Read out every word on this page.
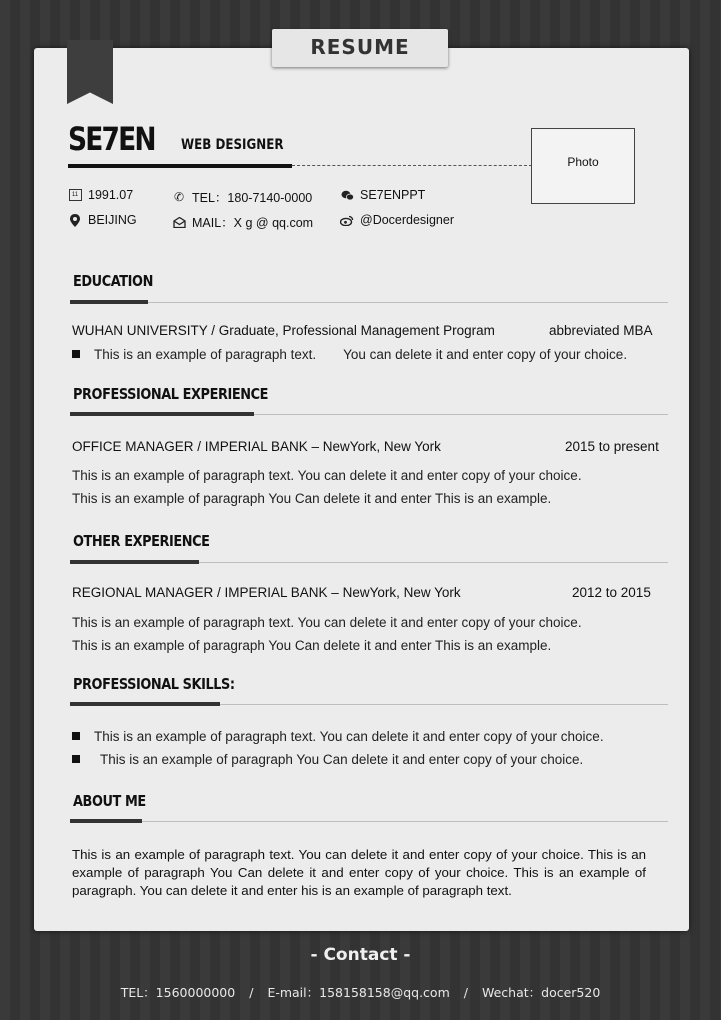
RESUME
SE7EN WEB DESIGNER
Photo
11 1991.07	✆ TEL：180-7140-0000	SE7ENPPT
BEIJING	MAIL：X g @ qq.com	@Docerdesigner
EDUCATION
WUHAN UNIVERSITY / Graduate, Professional Management Program	abbreviated MBA
This is an example of paragraph text. You can delete it and enter copy of your choice.
PROFESSIONAL EXPERIENCE
OFFICE MANAGER / IMPERIAL BANK – NewYork, New York	2015 to present
This is an example of paragraph text. You can delete it and enter copy of your choice.
This is an example of paragraph You Can delete it and enter This is an example.
OTHER EXPERIENCE
REGIONAL MANAGER / IMPERIAL BANK – NewYork, New York	2012 to 2015
This is an example of paragraph text. You can delete it and enter copy of your choice.
This is an example of paragraph You Can delete it and enter This is an example.
PROFESSIONAL SKILLS:
This is an example of paragraph text. You can delete it and enter copy of your choice.
This is an example of paragraph You Can delete it and enter copy of your choice.
ABOUT ME
This is an example of paragraph text. You can delete it and enter copy of your choice. This is an example of paragraph You Can delete it and enter copy of your choice. This is an example of paragraph. You can delete it and enter his is an example of paragraph text.
- Contact -
TEL：1560000000 / E-mail：158158158@qq.com / Wechat：docer520
